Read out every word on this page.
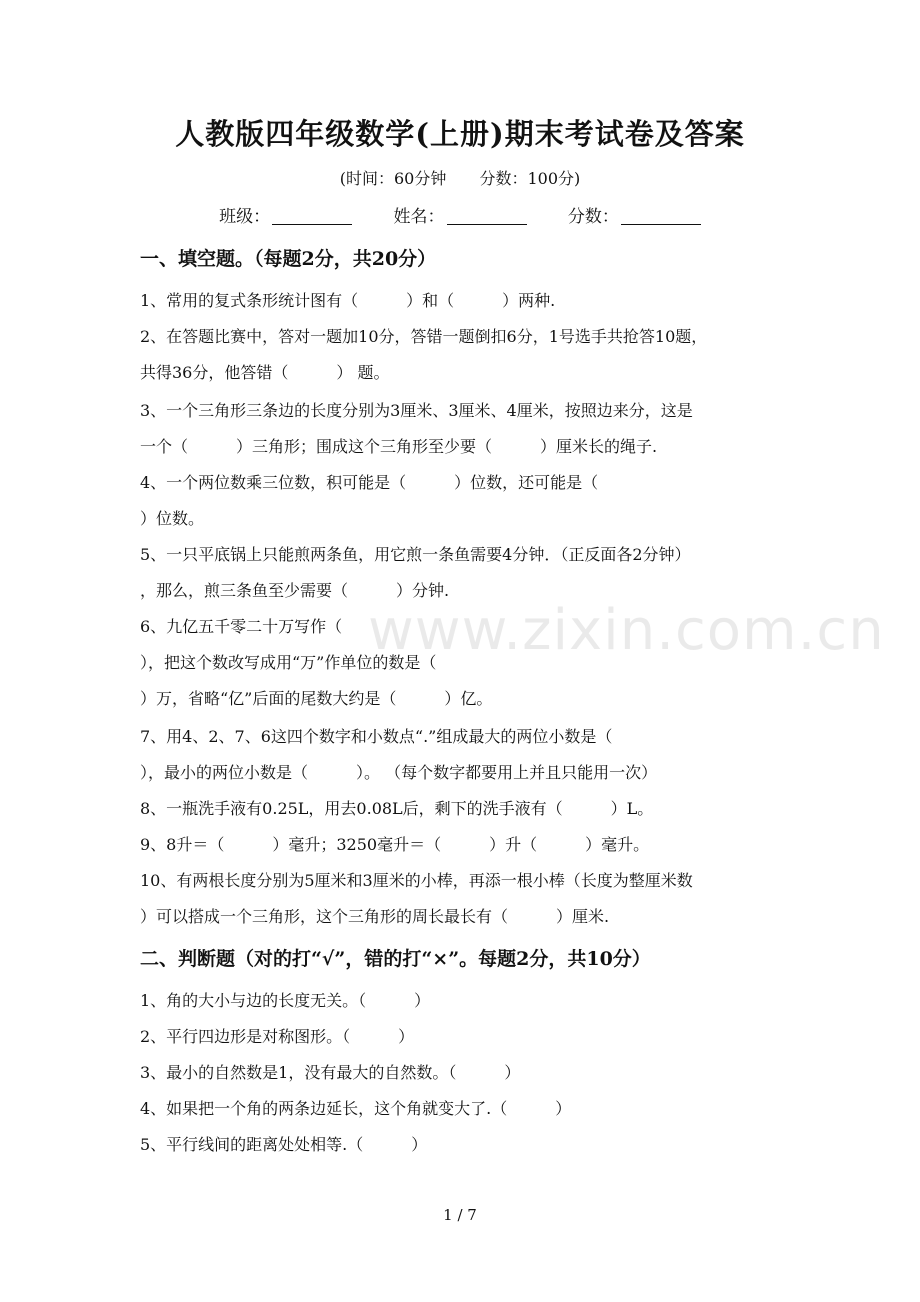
人教版四年级数学(上册)期末考试卷及答案
(时间：60分钟 分数：100分)
班级：	姓名：	分数：
一、填空题。（每题2分，共20分）
1、常用的复式条形统计图有（　　　）和（　　　）两种.
2、在答题比赛中，答对一题加10分，答错一题倒扣6分，1号选手共抢答10题，
共得36分，他答错（　　　） 题。
3、一个三角形三条边的长度分别为3厘米、3厘米、4厘米，按照边来分，这是
一个（　　　）三角形；围成这个三角形至少要（　　　）厘米长的绳子.
4、一个两位数乘三位数，积可能是（　　　）位数，还可能是（
）位数。
5、一只平底锅上只能煎两条鱼，用它煎一条鱼需要4分钟．（正反面各2分钟）
，那么，煎三条鱼至少需要（　　　）分钟.
6、九亿五千零二十万写作（
），把这个数改写成用“万”作单位的数是（
）万，省略“亿”后面的尾数大约是（　　　）亿。
7、用4、2、7、6这四个数字和小数点“.”组成最大的两位小数是（
），最小的两位小数是（　　　）。 （每个数字都要用上并且只能用一次）
8、一瓶洗手液有0.25L，用去0.08L后，剩下的洗手液有（　　　）L。
9、8升＝（　　　）毫升；3250毫升＝（　　　）升（　　　）毫升。
10、有两根长度分别为5厘米和3厘米的小棒，再添一根小棒（长度为整厘米数
）可以搭成一个三角形，这个三角形的周长最长有（　　　）厘米.
二、判断题（对的打“√”，错的打“×”。每题2分，共10分）
1、角的大小与边的长度无关。（　　　）
2、平行四边形是对称图形。（　　　）
3、最小的自然数是1，没有最大的自然数。（　　　）
4、如果把一个角的两条边延长，这个角就变大了.（　　　）
5、平行线间的距离处处相等.（　　　）
www.zixin.com.cn
1 / 7
